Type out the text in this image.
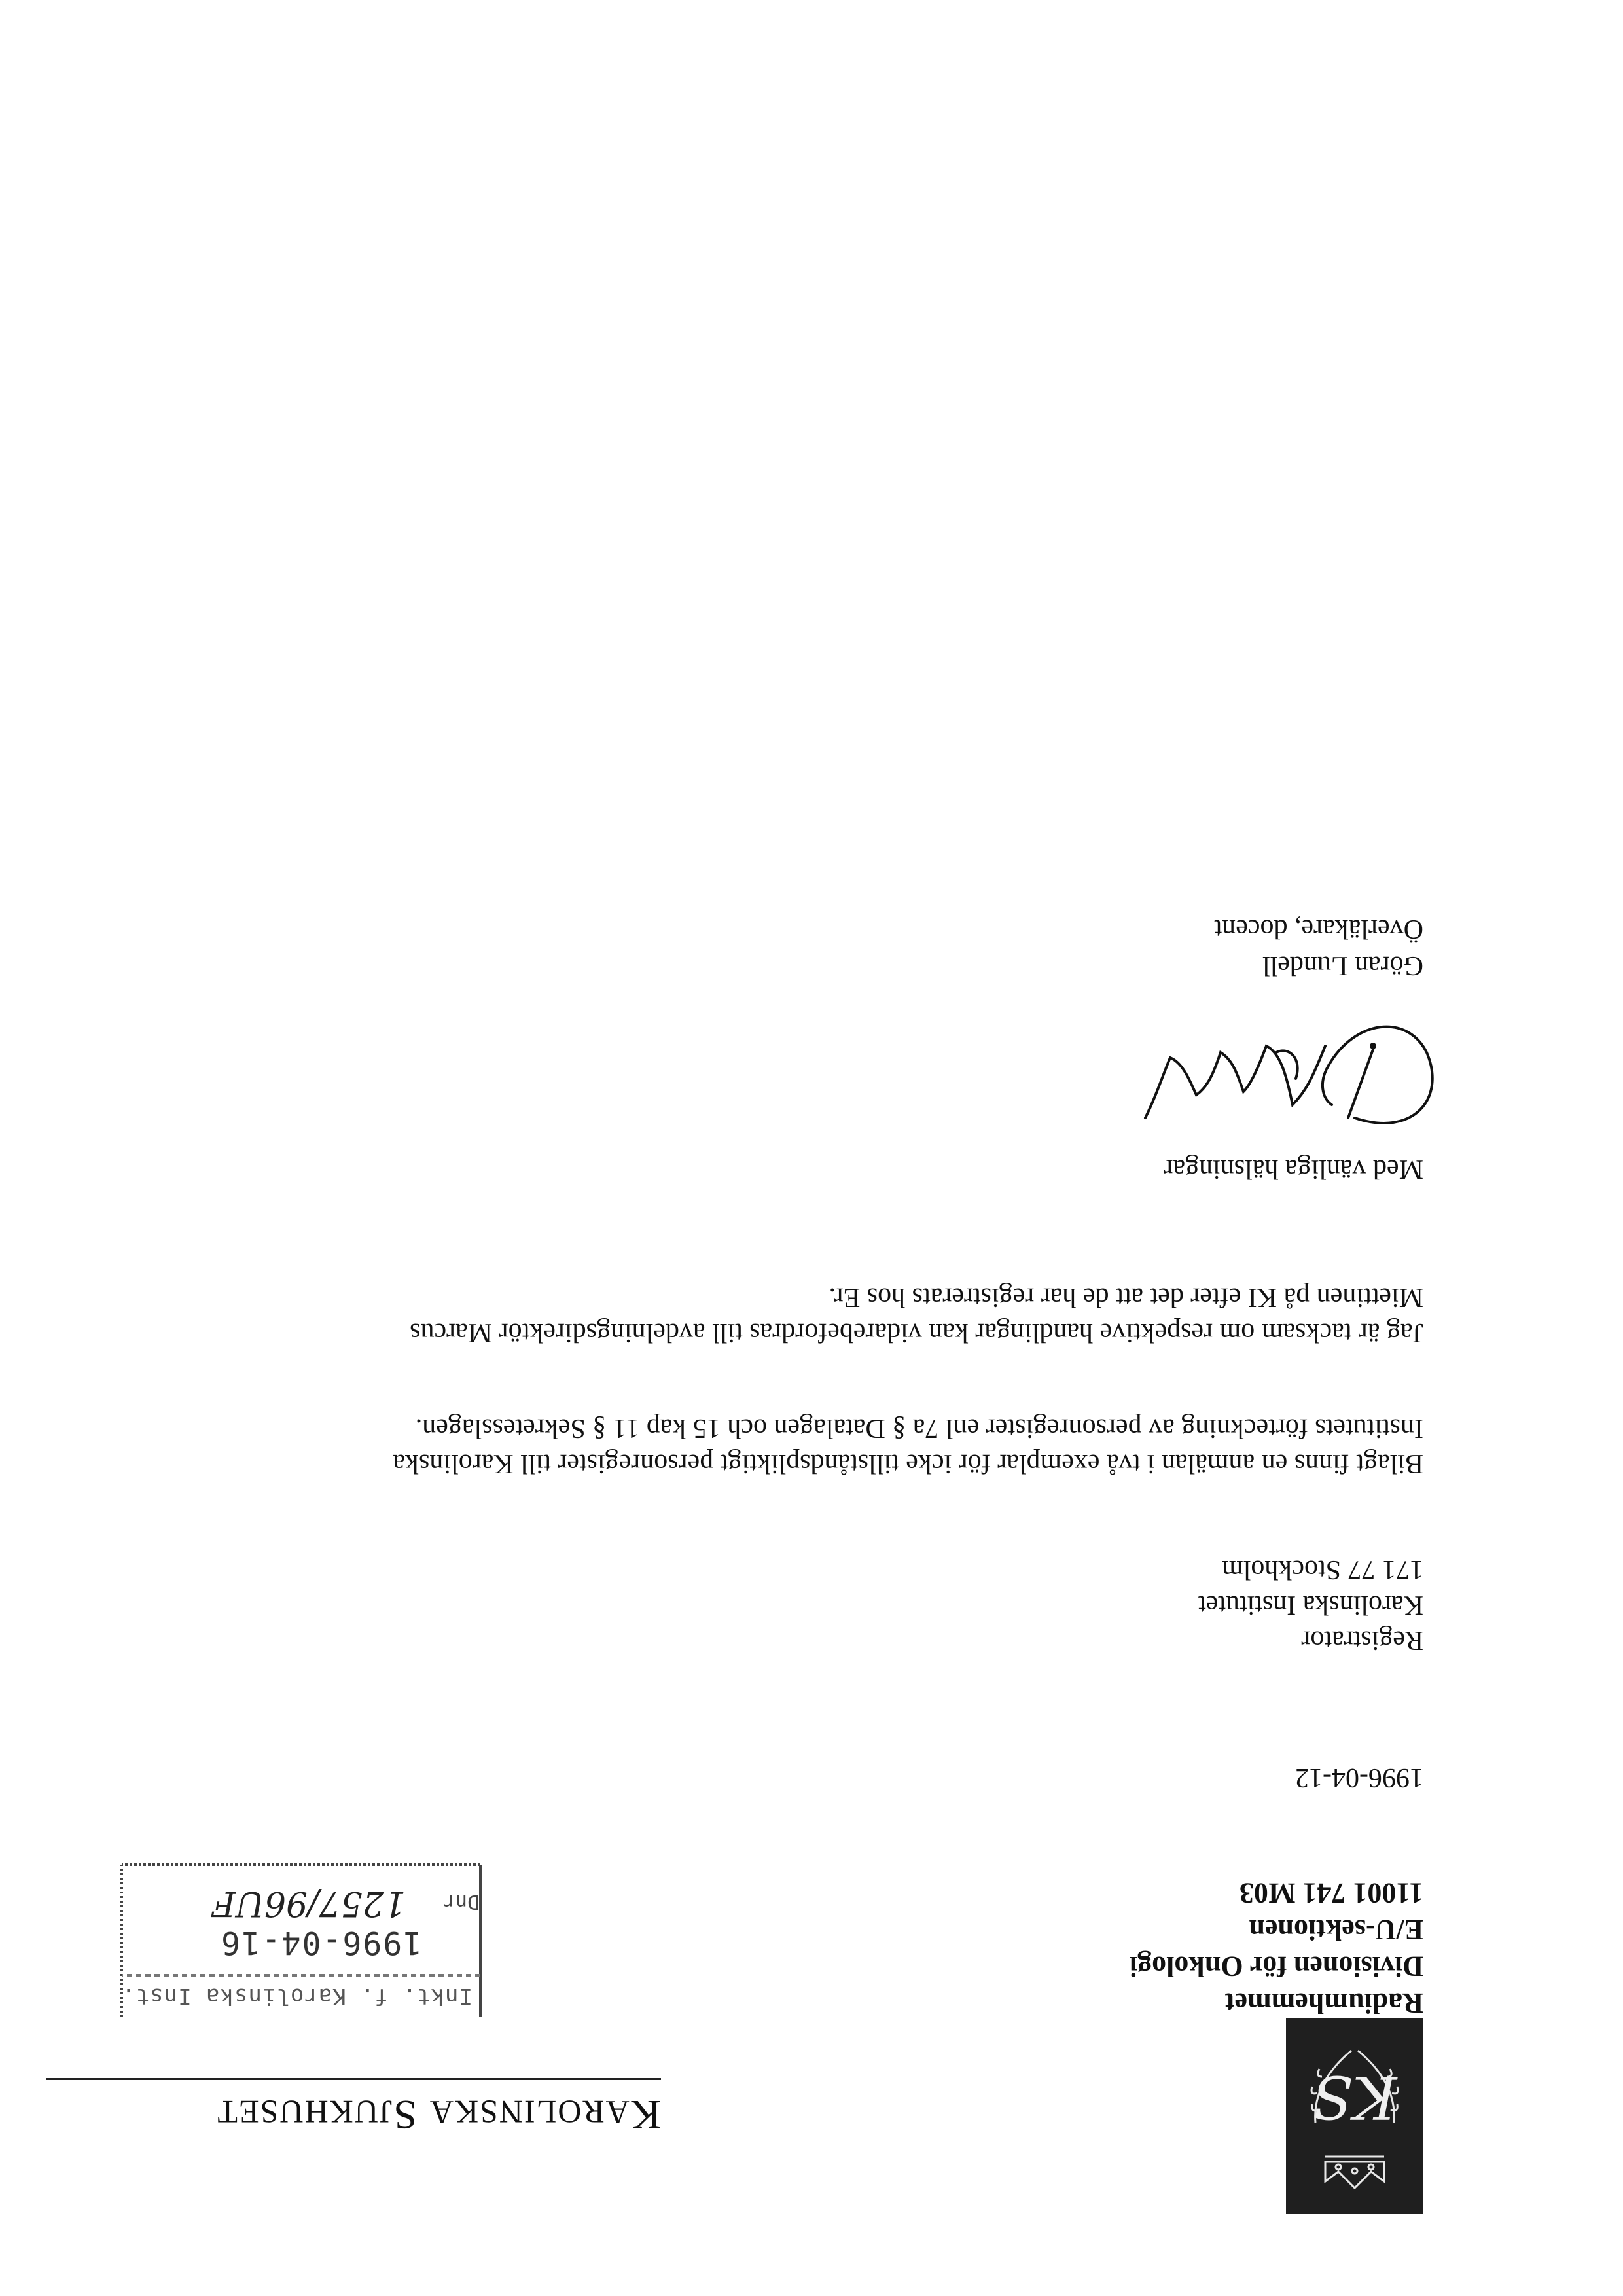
KS
KAROLINSKA SJUKHUSET
Radiumhemmet
Divisionen för Onkologi
E/U-sektionen
11001 741 M03
Inkt. f. Karolinska Inst.
1996-04-16
Dnr
1257/96UF
1996-04-12
Registrator
Karolinska Institutet
171 77 Stockholm
Bilagt finns en anmälan i två exemplar för icke tillståndspliktigt personregister till Karolinska
Institutets förteckning av personregister enl 7a § Datalagen och 15 kap 11 § Sekretesslagen.
Jag är tacksam om respektive handlingar kan vidarebefordras till avdelningsdirektör Marcus
Miettinen på KI efter det att de har registrerats hos Er.
Med vänliga hälsningar
Göran Lundell
Överläkare, docent
